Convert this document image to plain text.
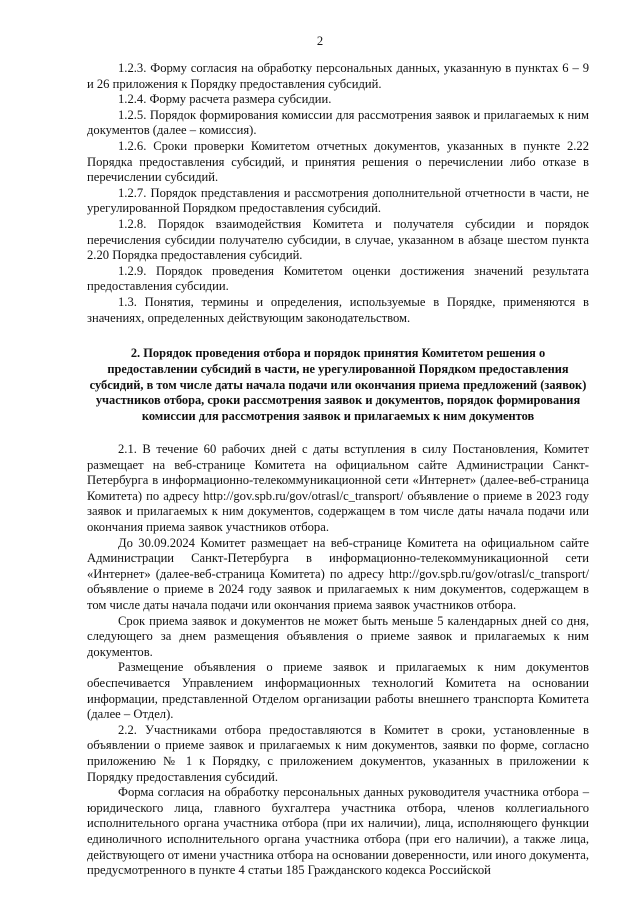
2

1.2.3. Форму согласия на обработку персональных данных, указанную в пунктах 6 – 9 и 26 приложения к Порядку предоставления субсидий.

1.2.4. Форму расчета размера субсидии.

1.2.5. Порядок формирования комиссии для рассмотрения заявок и прилагаемых к ним документов (далее – комиссия).

1.2.6. Сроки проверки Комитетом отчетных документов, указанных в пункте 2.22 Порядка предоставления субсидий, и принятия решения о перечислении либо отказе в перечислении субсидий.

1.2.7. Порядок представления и рассмотрения дополнительной отчетности в части, не урегулированной Порядком предоставления субсидий.

1.2.8. Порядок взаимодействия Комитета и получателя субсидии и порядок перечисления субсидии получателю субсидии, в случае, указанном в абзаце шестом пункта 2.20 Порядка предоставления субсидий.

1.2.9. Порядок проведения Комитетом оценки достижения значений результата предоставления субсидии.

1.3. Понятия, термины и определения, используемые в Порядке, применяются в значениях, определенных действующим законодательством.

2. Порядок проведения отбора и порядок принятия Комитетом решения о предоставлении субсидий в части, не урегулированной Порядком предоставления субсидий, в том числе даты начала подачи или окончания приема предложений (заявок) участников отбора, сроки рассмотрения заявок и документов, порядок формирования комиссии для рассмотрения заявок и прилагаемых к ним документов

2.1. В течение 60 рабочих дней с даты вступления в силу Постановления, Комитет размещает на веб-странице Комитета на официальном сайте Администрации Санкт-Петербурга в информационно-телекоммуникационной сети «Интернет» (далее-веб-страница Комитета) по адресу http://gov.spb.ru/gov/otrasl/c_transport/ объявление о приеме в 2023 году заявок и прилагаемых к ним документов, содержащем в том числе даты начала подачи или окончания приема заявок участников отбора.

До 30.09.2024 Комитет размещает на веб-странице Комитета на официальном сайте Администрации Санкт-Петербурга в информационно-телекоммуникационной сети «Интернет» (далее-веб-страница Комитета) по адресу http://gov.spb.ru/gov/otrasl/c_transport/ объявление о приеме в 2024 году заявок и прилагаемых к ним документов, содержащем в том числе даты начала подачи или окончания приема заявок участников отбора.

Срок приема заявок и документов не может быть меньше 5 календарных дней со дня, следующего за днем размещения объявления о приеме заявок и прилагаемых к ним документов.

Размещение объявления о приеме заявок и прилагаемых к ним документов обеспечивается Управлением информационных технологий Комитета на основании информации, представленной Отделом организации работы внешнего транспорта Комитета (далее – Отдел).

2.2. Участниками отбора предоставляются в Комитет в сроки, установленные в объявлении о приеме заявок и прилагаемых к ним документов, заявки по форме, согласно приложению № 1 к Порядку, с приложением документов, указанных в приложении к Порядку предоставления субсидий.

Форма согласия на обработку персональных данных руководителя участника отбора – юридического лица, главного бухгалтера участника отбора, членов коллегиального исполнительного органа участника отбора (при их наличии), лица, исполняющего функции единоличного исполнительного органа участника отбора (при его наличии), а также лица, действующего от имени участника отбора на основании доверенности, или иного документа, предусмотренного в пункте 4 статьи 185 Гражданского кодекса Российской
